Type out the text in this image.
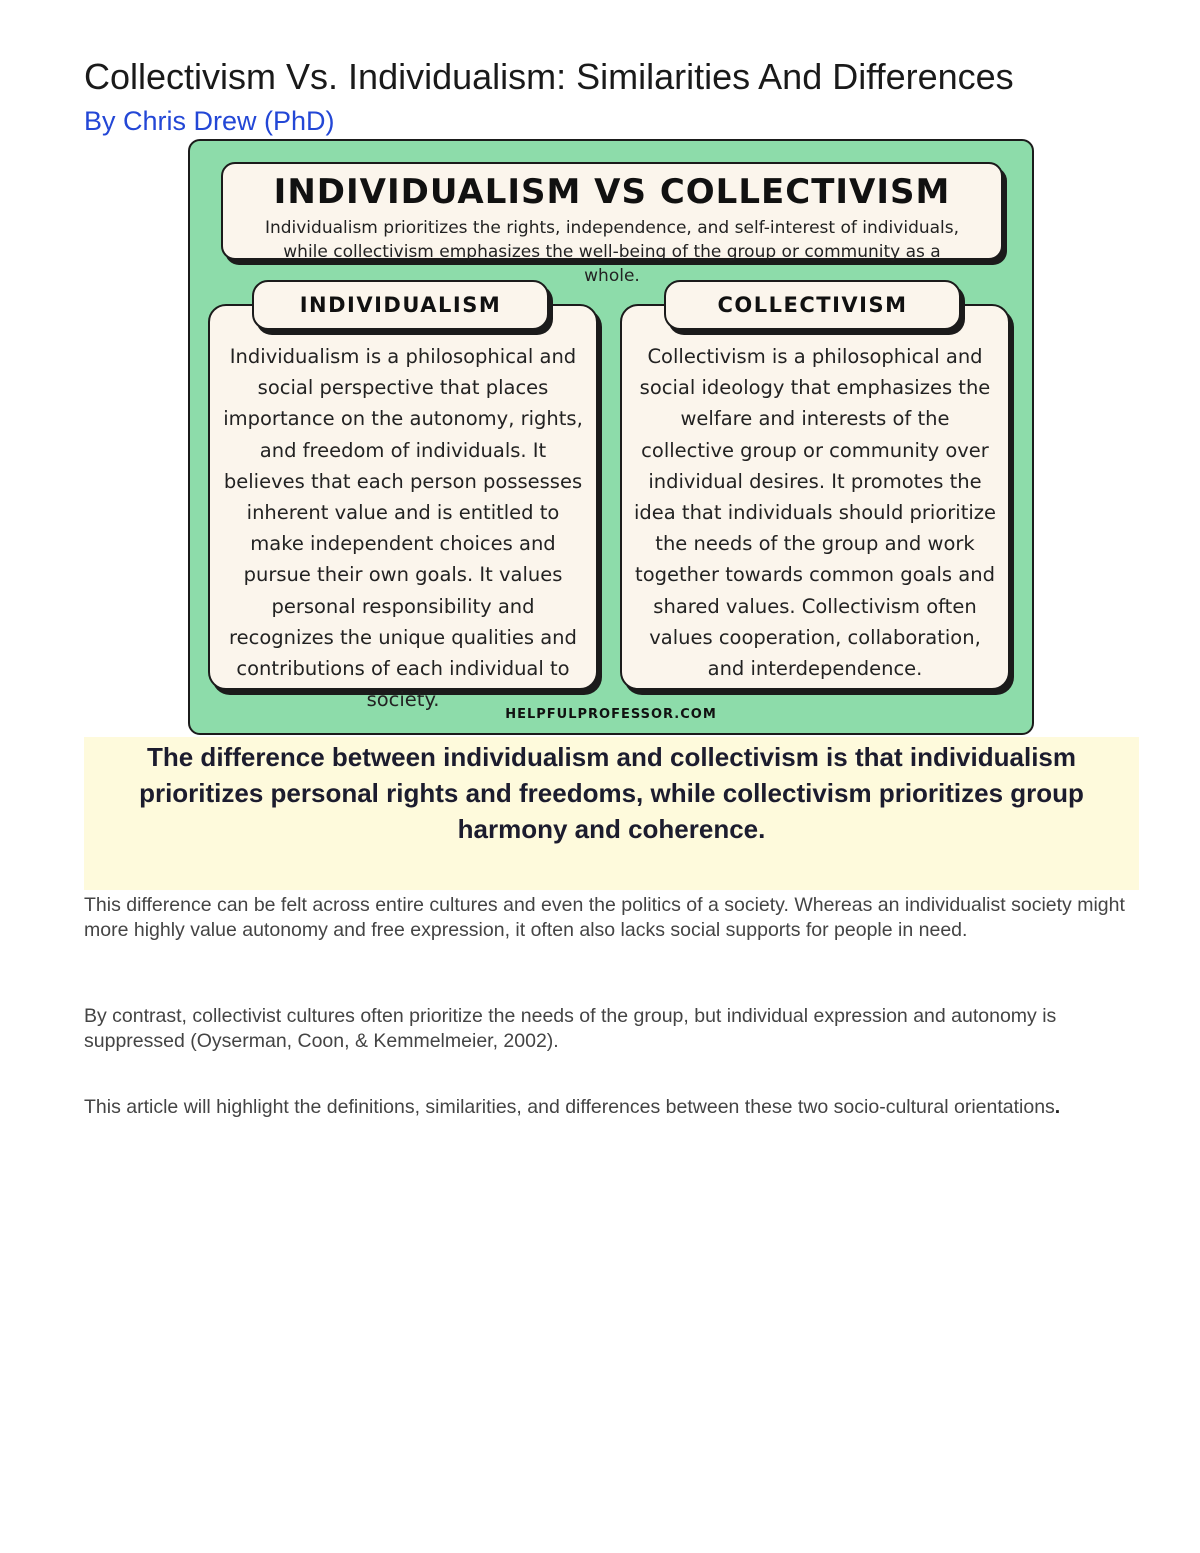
Collectivism Vs. Individualism: Similarities And Differences
By Chris Drew (PhD)
INDIVIDUALISM VS COLLECTIVISM
Individualism prioritizes the rights, independence, and self-interest of individuals, while collectivism emphasizes the well-being of the group or community as a whole.
INDIVIDUALISM
Individualism is a philosophical and social perspective that places importance on the autonomy, rights, and freedom of individuals. It believes that each person possesses inherent value and is entitled to make independent choices and pursue their own goals. It values personal responsibility and recognizes the unique qualities and contributions of each individual to society.
COLLECTIVISM
Collectivism is a philosophical and social ideology that emphasizes the welfare and interests of the collective group or community over individual desires. It promotes the idea that individuals should prioritize the needs of the group and work together towards common goals and shared values. Collectivism often values cooperation, collaboration, and interdependence.
HELPFULPROFESSOR.COM

The difference between individualism and collectivism is that individualism prioritizes personal rights and freedoms, while collectivism prioritizes group harmony and coherence.

This difference can be felt across entire cultures and even the politics of a society. Whereas an individualist society might more highly value autonomy and free expression, it often also lacks social supports for people in need.

By contrast, collectivist cultures often prioritize the needs of the group, but individual expression and autonomy is suppressed (Oyserman, Coon, & Kemmelmeier, 2002).

This article will highlight the definitions, similarities, and differences between these two socio-cultural orientations.
